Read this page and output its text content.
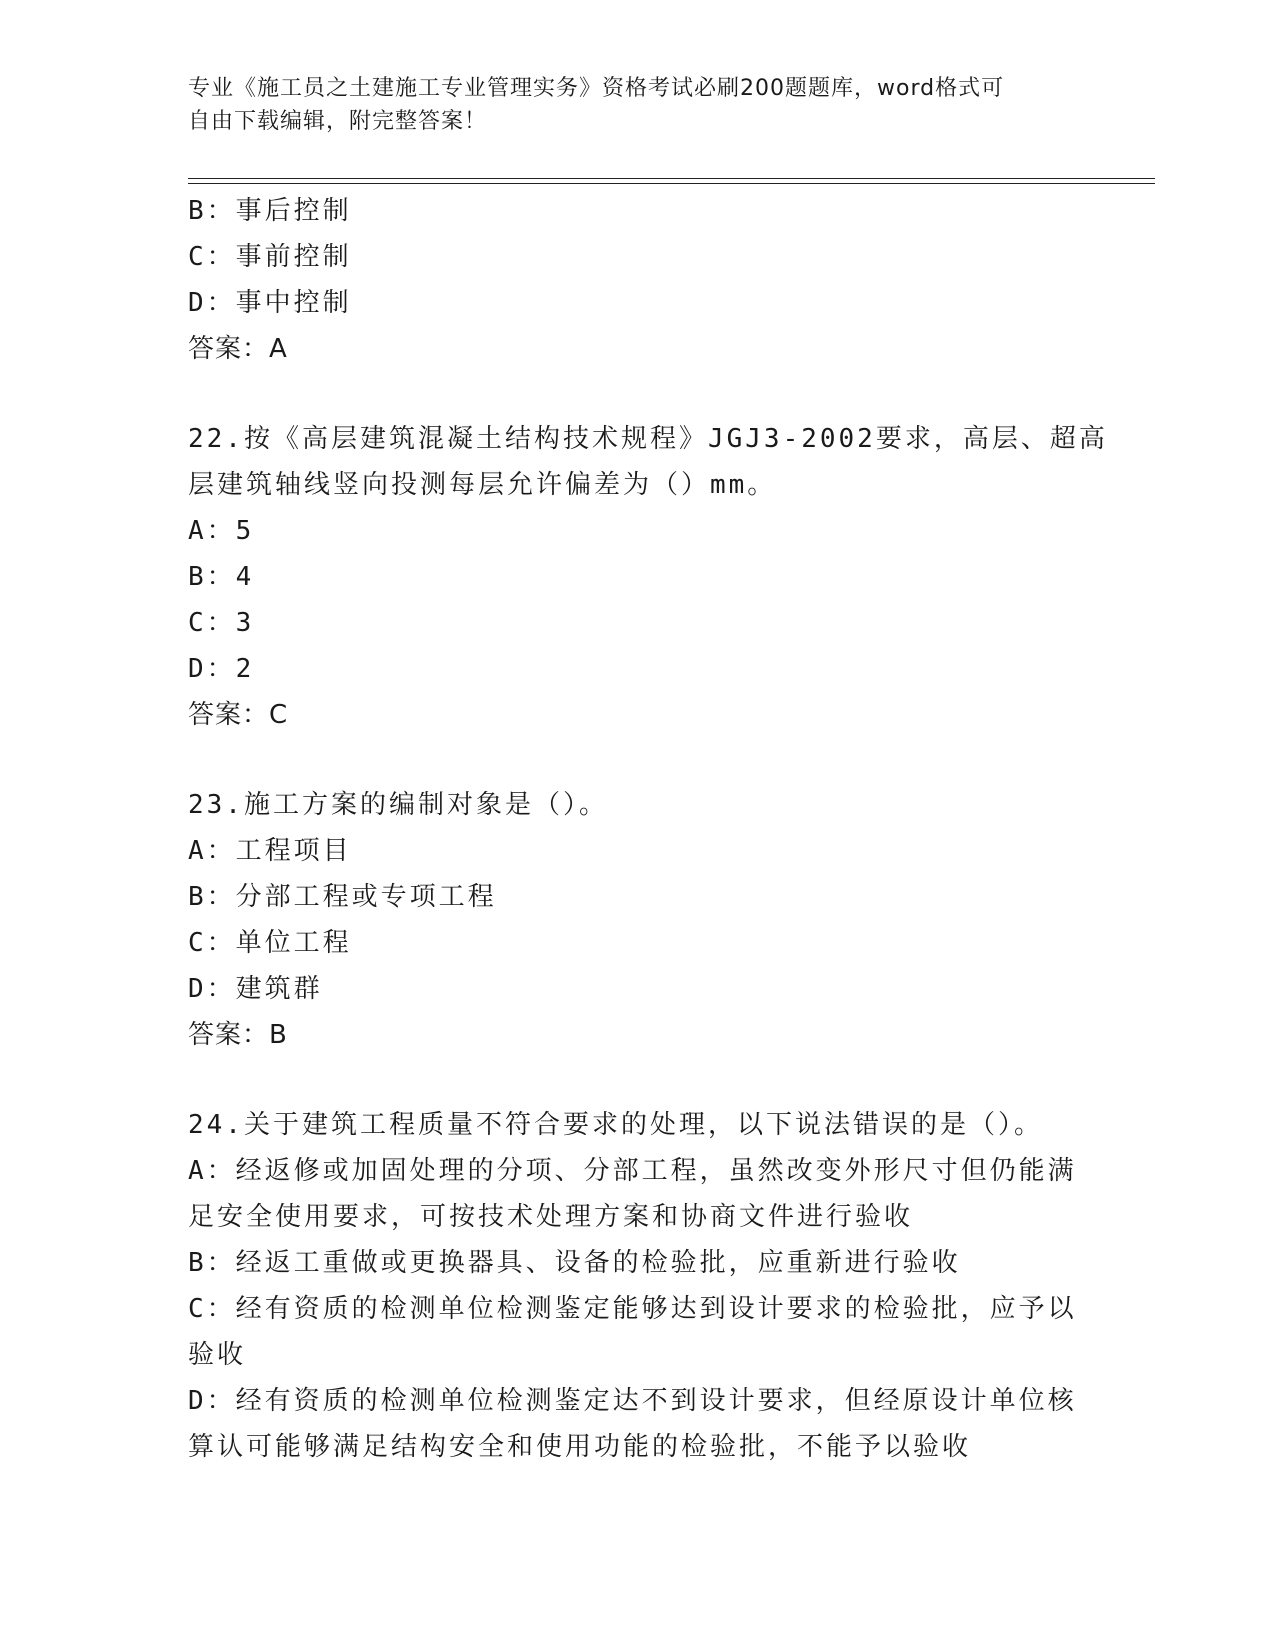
专业《施工员之土建施工专业管理实务》资格考试必刷200题题库，word格式可
自由下载编辑，附完整答案！
B：事后控制
C：事前控制
D：事中控制
答案：A
22.按《高层建筑混凝土结构技术规程》JGJ3-2002要求，高层、超高
层建筑轴线竖向投测每层允许偏差为（）mm。
A：5
B：4
C：3
D：2
答案：C
23.施工方案的编制对象是（）。
A：工程项目
B：分部工程或专项工程
C：单位工程
D：建筑群
答案：B
24.关于建筑工程质量不符合要求的处理，以下说法错误的是（）。
A：经返修或加固处理的分项、分部工程，虽然改变外形尺寸但仍能满
足安全使用要求，可按技术处理方案和协商文件进行验收
B：经返工重做或更换器具、设备的检验批，应重新进行验收
C：经有资质的检测单位检测鉴定能够达到设计要求的检验批，应予以
验收
D：经有资质的检测单位检测鉴定达不到设计要求，但经原设计单位核
算认可能够满足结构安全和使用功能的检验批，不能予以验收
